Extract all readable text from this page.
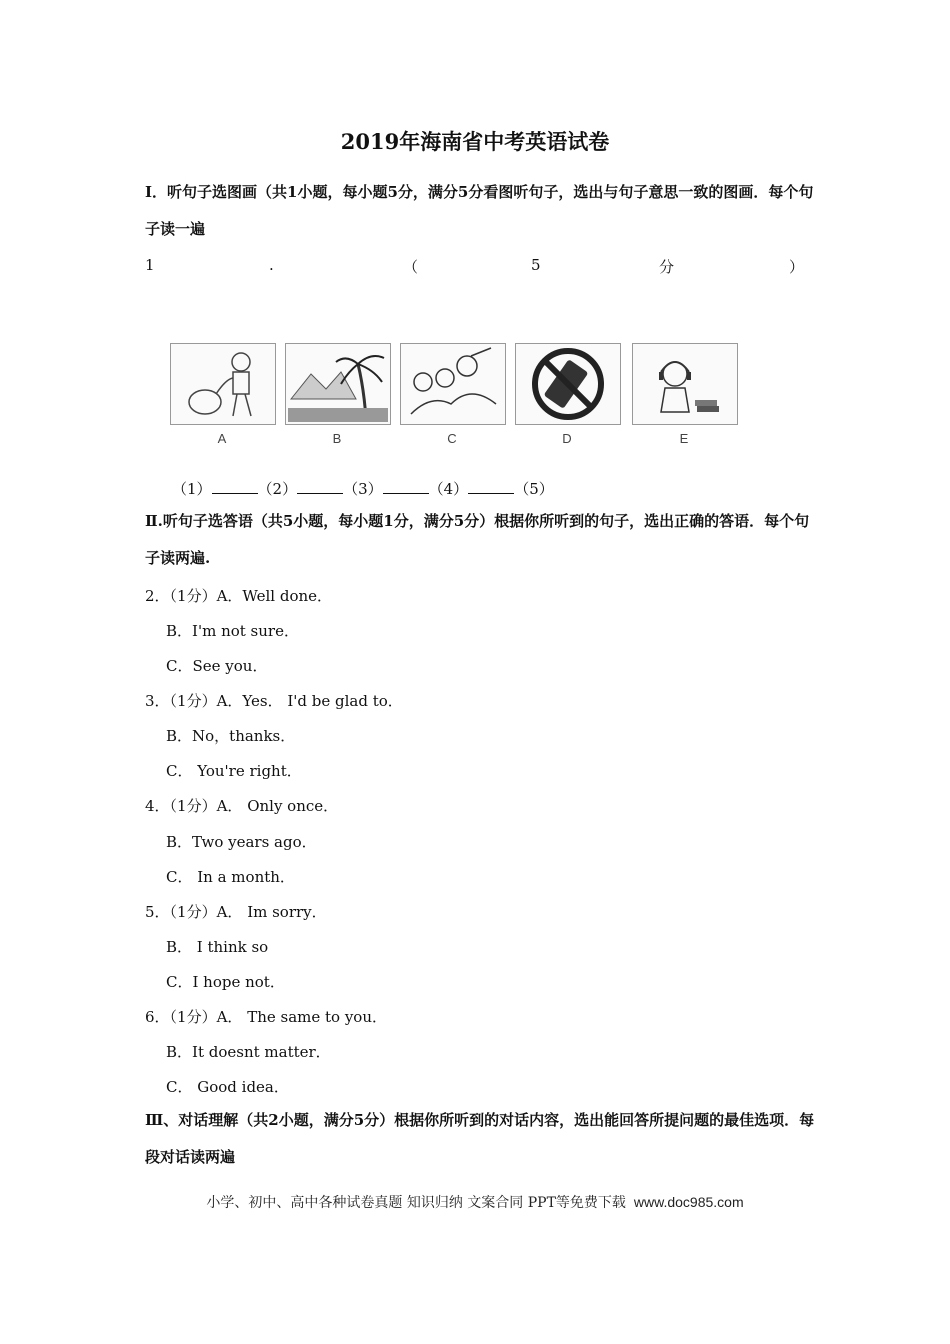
2019年海南省中考英语试卷
Ⅰ．听句子选图画（共1小题，每小题5分，满分5分看图听句子，选出与句子意思一致的图画．每个句子读一遍
1	.	（	5	分	）
A	B	C	D	E
（1）	（2）	（3）	（4）	（5）
Ⅱ.听句子选答语（共5小题，每小题1分，满分5分）根据你所听到的句子，选出正确的答语．每个句子读两遍.
2．（1分）A．Well done．
B．I'm not sure．
C．See you．
3．（1分）A．Yes． I'd be glad to．
B．No，thanks．
C． You're right．
4．（1分）A． Only once．
B．Two years ago．
C． In a month．
5．（1分）A． Im sorry．
B． I think so
C．I hope not．
6．（1分）A． The same to you．
B．It doesnt matter．
C． Good idea．
Ⅲ、对话理解（共2小题，满分5分）根据你所听到的对话内容，选出能回答所提问题的最佳选项．每段对话读两遍
小学、初中、高中各种试卷真题 知识归纳 文案合同 PPT等免费下载 www.doc985.com
